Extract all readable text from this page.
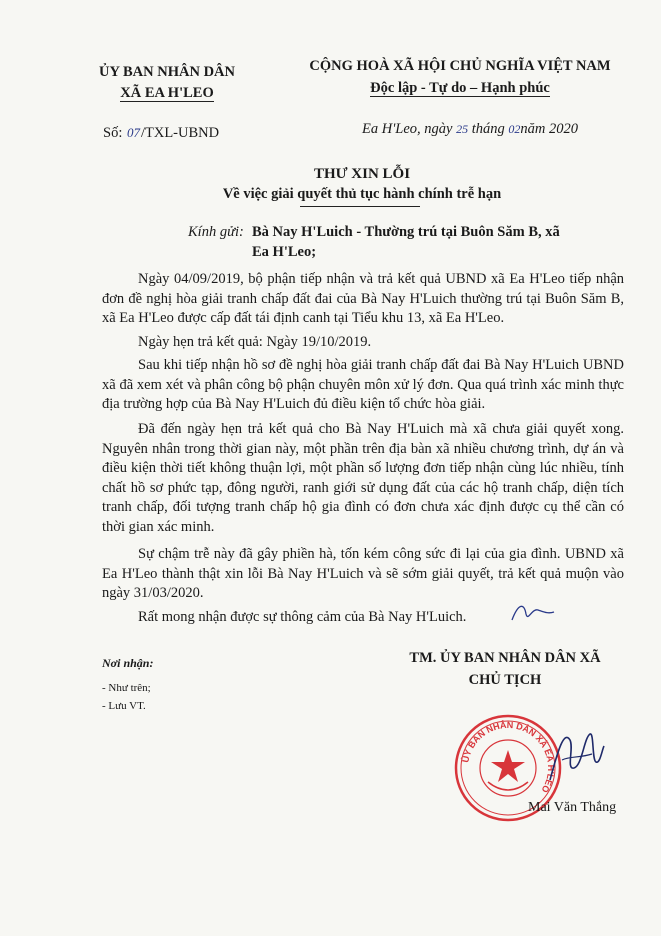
ỦY BAN NHÂN DÂN
XÃ EA H'LEO
CỘNG HOÀ XÃ HỘI CHỦ NGHĨA VIỆT NAM
Độc lập - Tự do – Hạnh phúc
Số: 07/TXL-UBND	Ea H'Leo, ngày 25 tháng 02năm 2020
THƯ XIN LỖI
Về việc giải quyết thủ tục hành chính trễ hạn
Kính gửi: Bà Nay H'Luich - Thường trú tại Buôn Săm B, xã
Ea H'Leo;
Ngày 04/09/2019, bộ phận tiếp nhận và trả kết quả UBND xã Ea H'Leo tiếp nhận đơn đề nghị hòa giải tranh chấp đất đai của Bà Nay H'Luich thường trú tại Buôn Săm B, xã Ea H'Leo được cấp đất tái định canh tại Tiểu khu 13, xã Ea H'Leo.
Ngày hẹn trả kết quả: Ngày 19/10/2019.
Sau khi tiếp nhận hồ sơ đề nghị hòa giải tranh chấp đất đai Bà Nay H'Luich UBND xã đã xem xét và phân công bộ phận chuyên môn xử lý đơn. Qua quá trình xác minh thực địa trường hợp của Bà Nay H'Luich đủ điều kiện tổ chức hòa giải.
Đã đến ngày hẹn trả kết quả cho Bà Nay H'Luich mà xã chưa giải quyết xong. Nguyên nhân trong thời gian này, một phần trên địa bàn xã nhiều chương trình, dự án và điều kiện thời tiết không thuận lợi, một phần số lượng đơn tiếp nhận cùng lúc nhiều, tính chất hồ sơ phức tạp, đông người, ranh giới sử dụng đất của các hộ tranh chấp, diện tích tranh chấp, đối tượng tranh chấp hộ gia đình có đơn chưa xác định được cụ thể cần có thời gian xác minh.
Sự chậm trễ này đã gây phiền hà, tốn kém công sức đi lại của gia đình. UBND xã Ea H'Leo thành thật xin lỗi Bà Nay H'Luich và sẽ sớm giải quyết, trả kết quả muộn vào ngày 31/03/2020.
Rất mong nhận được sự thông cảm của Bà Nay H'Luich.
Nơi nhận:
- Như trên;
- Lưu VT.
TM. ỦY BAN NHÂN DÂN XÃ
CHỦ TỊCH
ỦY BAN NHÂN DÂN XÃ EA H'LEO
Mai Văn Thắng
